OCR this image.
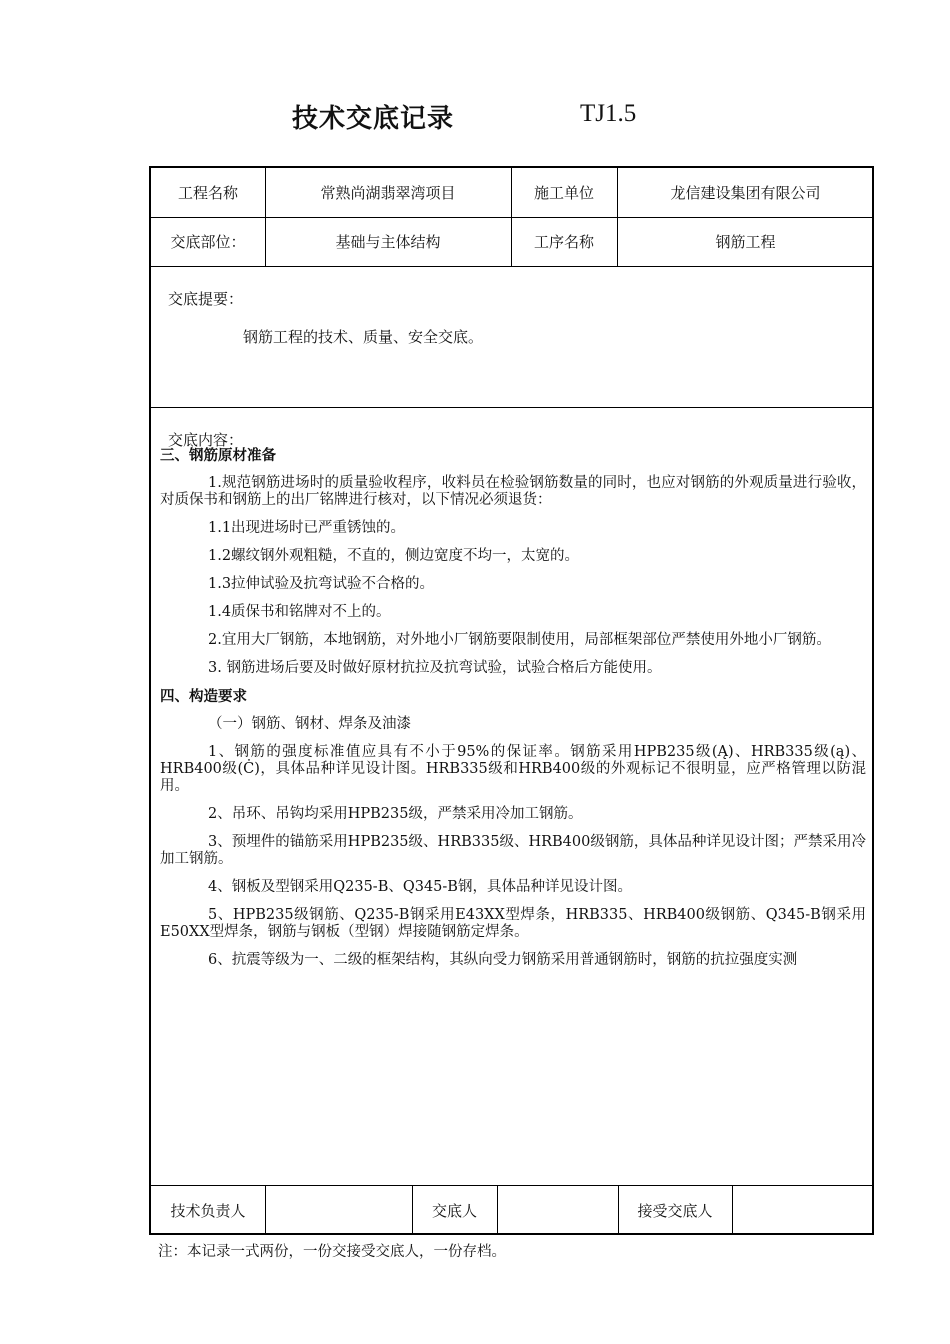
技术交底记录	TJ1.5
工程名称	常熟尚湖翡翠湾项目	施工单位	龙信建设集团有限公司
交底部位：	基础与主体结构	工序名称	钢筋工程
交底提要：
钢筋工程的技术、质量、安全交底。
交底内容：
三、钢筋原材准备
1.规范钢筋进场时的质量验收程序，收料员在检验钢筋数量的同时，也应对钢筋的外观质量进行验收，对质保书和钢筋上的出厂铭牌进行核对，以下情况必须退货：
1.1出现进场时已严重锈蚀的。
1.2螺纹钢外观粗糙，不直的，侧边宽度不均一，太宽的。
1.3拉伸试验及抗弯试验不合格的。
1.4质保书和铭牌对不上的。
2.宜用大厂钢筋，本地钢筋，对外地小厂钢筋要限制使用，局部框架部位严禁使用外地小厂钢筋。
3. 钢筋进场后要及时做好原材抗拉及抗弯试验，试验合格后方能使用。
四、构造要求
（一）钢筋、钢材、焊条及油漆
1、钢筋的强度标准值应具有不小于95%的保证率。钢筋采用HPB235级(Ą)、HRB335级(ą)、HRB400级(Ċ)，具体品种详见设计图。HRB335级和HRB400级的外观标记不很明显，应严格管理以防混用。
2、吊环、吊钩均采用HPB235级，严禁采用冷加工钢筋。
3、预埋件的锚筋采用HPB235级、HRB335级、HRB400级钢筋，具体品种详见设计图；严禁采用冷加工钢筋。
4、钢板及型钢采用Q235-B、Q345-B钢，具体品种详见设计图。
5、HPB235级钢筋、Q235-B钢采用E43XX型焊条，HRB335、HRB400级钢筋、Q345-B钢采用E50XX型焊条，钢筋与钢板（型钢）焊接随钢筋定焊条。
6、抗震等级为一、二级的框架结构，其纵向受力钢筋采用普通钢筋时，钢筋的抗拉强度实测
技术负责人	交底人	接受交底人
注：本记录一式两份，一份交接受交底人，一份存档。
